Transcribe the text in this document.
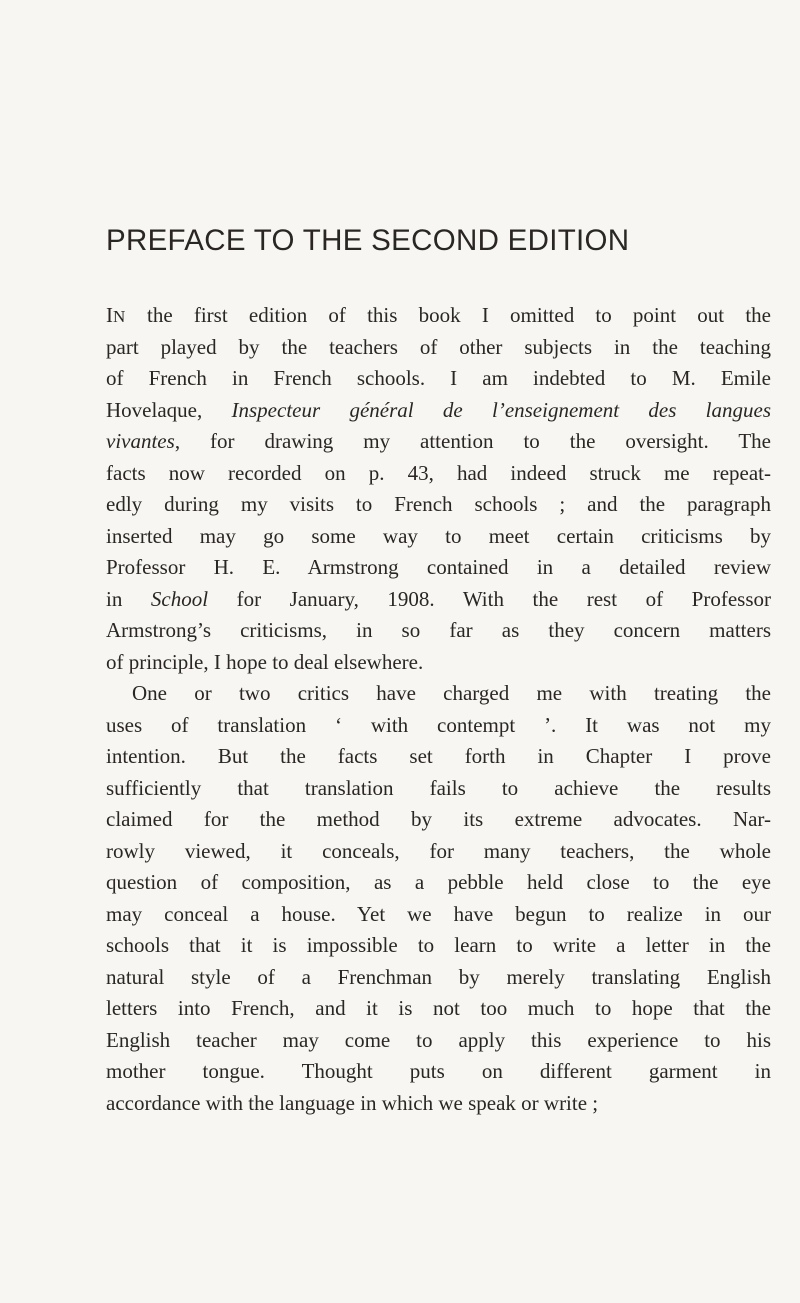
PREFACE TO THE SECOND EDITION
IN the first edition of this book I omitted to point out the
part played by the teachers of other subjects in the teaching
of French in French schools. I am indebted to M. Emile
Hovelaque, Inspecteur général de l’enseignement des langues
vivantes, for drawing my attention to the oversight. The
facts now recorded on p. 43, had indeed struck me repeat-
edly during my visits to French schools ; and the paragraph
inserted may go some way to meet certain criticisms by
Professor H. E. Armstrong contained in a detailed review
in School for January, 1908. With the rest of Professor
Armstrong’s criticisms, in so far as they concern matters
of principle, I hope to deal elsewhere.
One or two critics have charged me with treating the
uses of translation ‘ with contempt ’. It was not my
intention. But the facts set forth in Chapter I prove
sufficiently that translation fails to achieve the results
claimed for the method by its extreme advocates. Nar-
rowly viewed, it conceals, for many teachers, the whole
question of composition, as a pebble held close to the eye
may conceal a house. Yet we have begun to realize in our
schools that it is impossible to learn to write a letter in the
natural style of a Frenchman by merely translating English
letters into French, and it is not too much to hope that the
English teacher may come to apply this experience to his
mother tongue. Thought puts on different garment in
accordance with the language in which we speak or write ;
